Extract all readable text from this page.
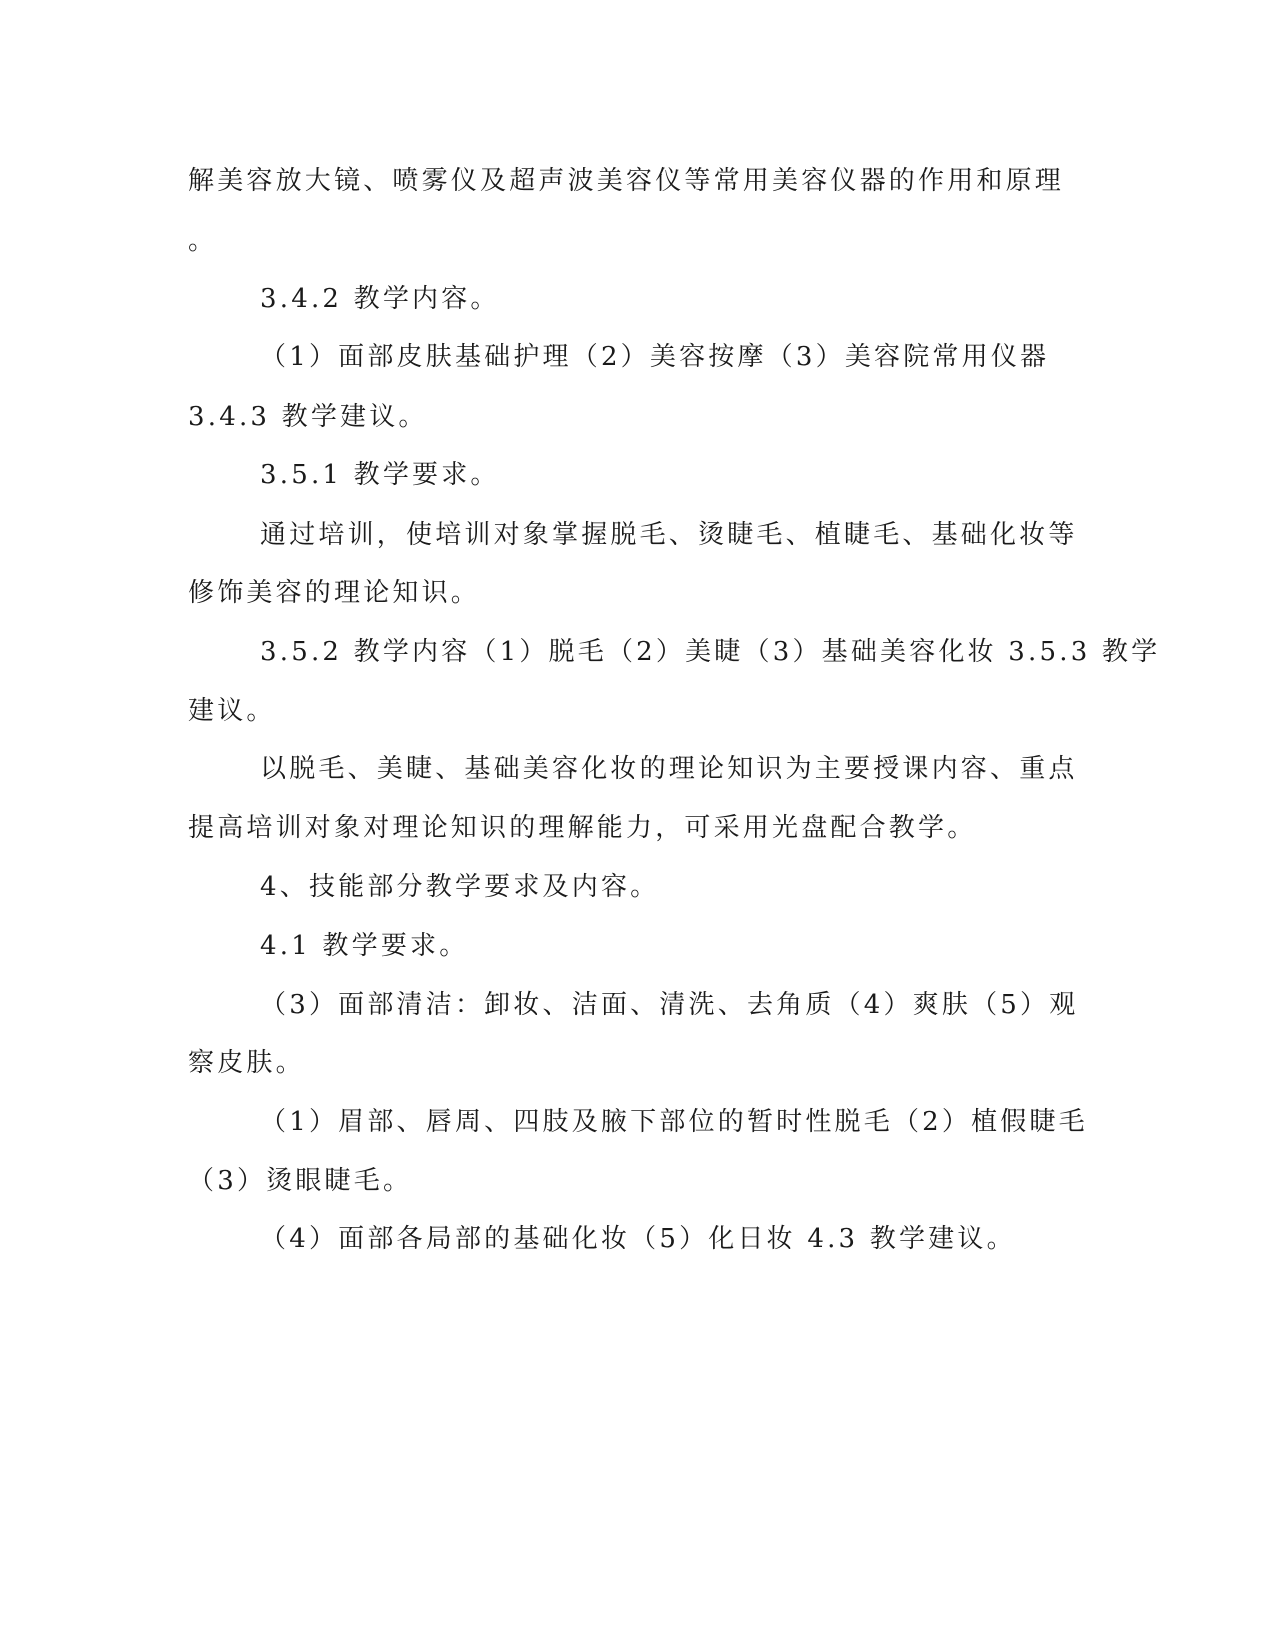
解美容放大镜、喷雾仪及超声波美容仪等常用美容仪器的作用和原理
。
3.4.2 教学内容。
（1）面部皮肤基础护理（2）美容按摩（3）美容院常用仪器
3.4.3 教学建议。
3.5.1 教学要求。
通过培训，使培训对象掌握脱毛、烫睫毛、植睫毛、基础化妆等
修饰美容的理论知识。
3.5.2 教学内容（1）脱毛（2）美睫（3）基础美容化妆 3.5.3 教学
建议。
以脱毛、美睫、基础美容化妆的理论知识为主要授课内容、重点
提高培训对象对理论知识的理解能力，可采用光盘配合教学。
4、技能部分教学要求及内容。
4.1 教学要求。
（3）面部清洁：卸妆、洁面、清洗、去角质（4）爽肤（5）观
察皮肤。
（1）眉部、唇周、四肢及腋下部位的暂时性脱毛（2）植假睫毛
（3）烫眼睫毛。
（4）面部各局部的基础化妆（5）化日妆 4.3 教学建议。
